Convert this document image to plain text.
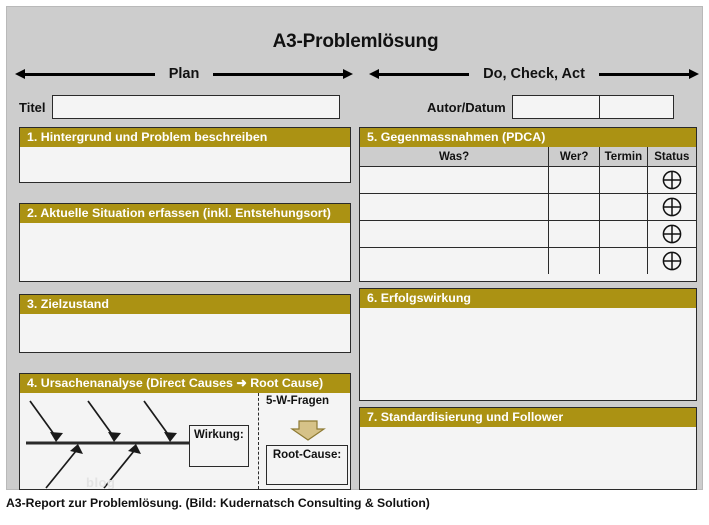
A3-Problemlösung
Plan	Do, Check, Act
Titel	Autor/Datum
1. Hintergrund und Problem beschreiben
2. Aktuelle Situation erfassen (inkl. Entstehungsort)
3. Zielzustand
4. Ursachenanalyse (Direct Causes ➜ Root Cause)
blog
Wirkung:
5-W-Fragen
Root-Cause:
5. Gegenmassnahmen (PDCA)
Was?	Wer?	Termin	Status

6. Erfolgswirkung
7. Standardisierung und Follower
A3-Report zur Problemlösung. (Bild: Kudernatsch Consulting & Solution)
